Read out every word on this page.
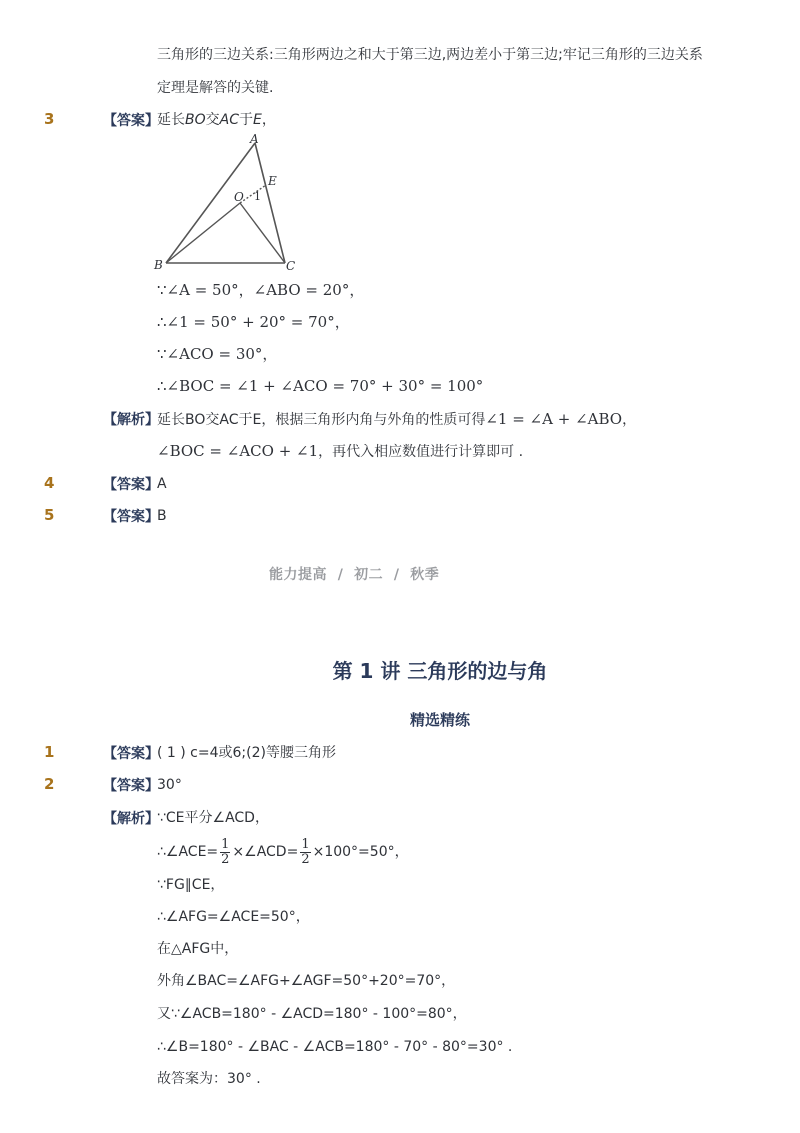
三角形的三边关系:三角形两边之和大于第三边,两边差小于第三边;牢记三角形的三边关系
定理是解答的关键.
3	【答案】
延长BO交AC于E，
A
B	C
E
O 1
∵∠A = 50°，∠ABO = 20°，
∴∠1 = 50° + 20° = 70°，
∵∠ACO = 30°，
∴∠BOC = ∠1 + ∠ACO = 70° + 30° = 100°
【解析】
延长BO交AC于E，根据三角形内角与外角的性质可得∠1 = ∠A + ∠ABO，
∠BOC = ∠ACO + ∠1，再代入相应数值进行计算即可 .
4	【答案】
A
5	【答案】
B
能力提高 / 初二 / 秋季
第 1 讲 三角形的边与角
精选精练
1	【答案】
( 1 ) c=4或6;(2)等腰三角形
2	【答案】
30°
【解析】
∵CE平分∠ACD，
∴∠ACE= $\frac{1}{2}$ ×∠ACD= $\frac{1}{2} \times 100^\circ=50^\circ$，
∵FG∥CE，
∴∠AFG=∠ACE=50°，
在△AFG中，
外角∠BAC=∠AFG+∠AGF=50°+20°=70°，
又∵∠ACB=180° - ∠ACD=180° - 100°=80°，
∴∠B=180° - ∠BAC - ∠ACB=180° - 70° - 80°=30° .
故答案为：30° .
